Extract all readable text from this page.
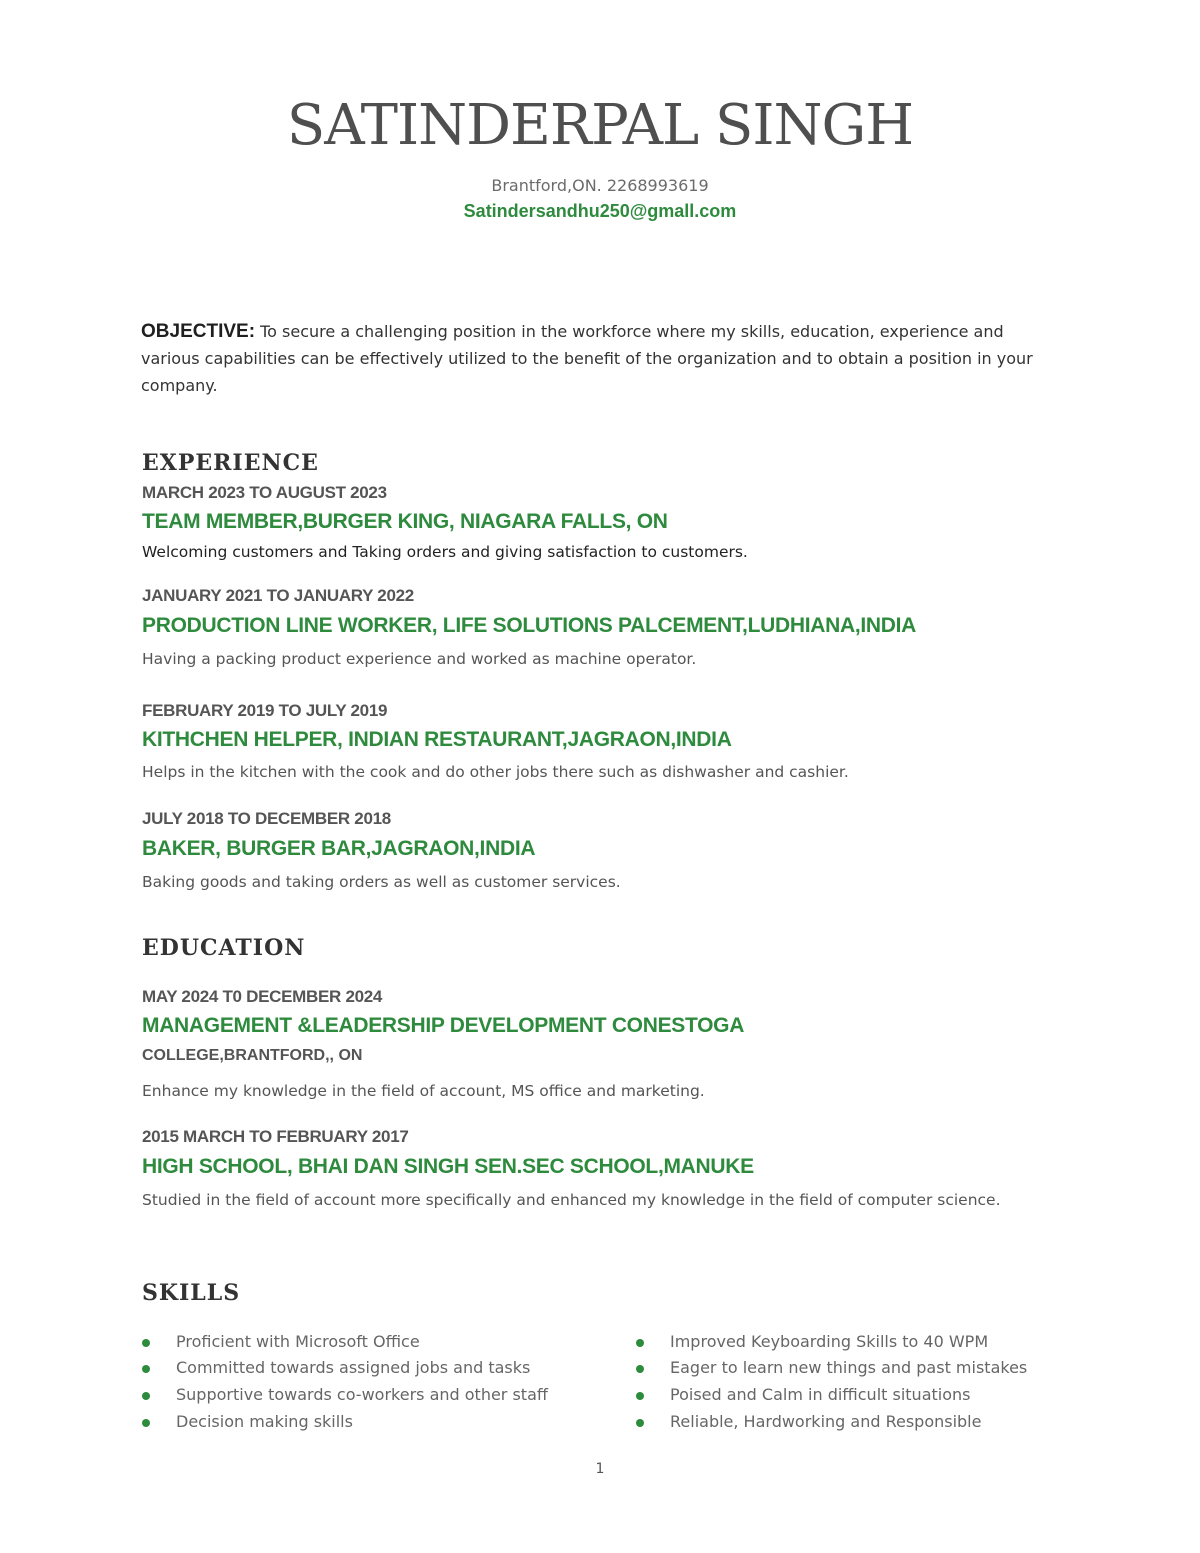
SATINDERPAL SINGH
Brantford,ON. 2268993619
Satindersandhu250@gmall.com
OBJECTIVE: To secure a challenging position in the workforce where my skills, education, experience and various capabilities can be effectively utilized to the benefit of the organization and to obtain a position in your company.
EXPERIENCE
MARCH 2023 TO AUGUST 2023
TEAM MEMBER,BURGER KING, NIAGARA FALLS, ON
Welcoming customers and Taking orders and giving satisfaction to customers.
JANUARY 2021 TO JANUARY 2022
PRODUCTION LINE WORKER, LIFE SOLUTIONS PALCEMENT,LUDHIANA,INDIA
Having a packing product experience and worked as machine operator.
FEBRUARY 2019 TO JULY 2019
KITHCHEN HELPER, INDIAN RESTAURANT,JAGRAON,INDIA
Helps in the kitchen with the cook and do other jobs there such as dishwasher and cashier.
JULY 2018 TO DECEMBER 2018
BAKER, BURGER BAR,JAGRAON,INDIA
Baking goods and taking orders as well as customer services.
EDUCATION
MAY 2024 T0 DECEMBER 2024
MANAGEMENT &LEADERSHIP DEVELOPMENT CONESTOGA
COLLEGE,BRANTFORD,, ON
Enhance my knowledge in the field of account, MS office and marketing.
2015 MARCH TO FEBRUARY 2017
HIGH SCHOOL, BHAI DAN SINGH SEN.SEC SCHOOL,MANUKE
Studied in the field of account more specifically and enhanced my knowledge in the field of computer science.
SKILLS
Proficient with Microsoft Office
Committed towards assigned jobs and tasks
Supportive towards co-workers and other staff
Decision making skills
Improved Keyboarding Skills to 40 WPM
Eager to learn new things and past mistakes
Poised and Calm in difficult situations
Reliable, Hardworking and Responsible
1
